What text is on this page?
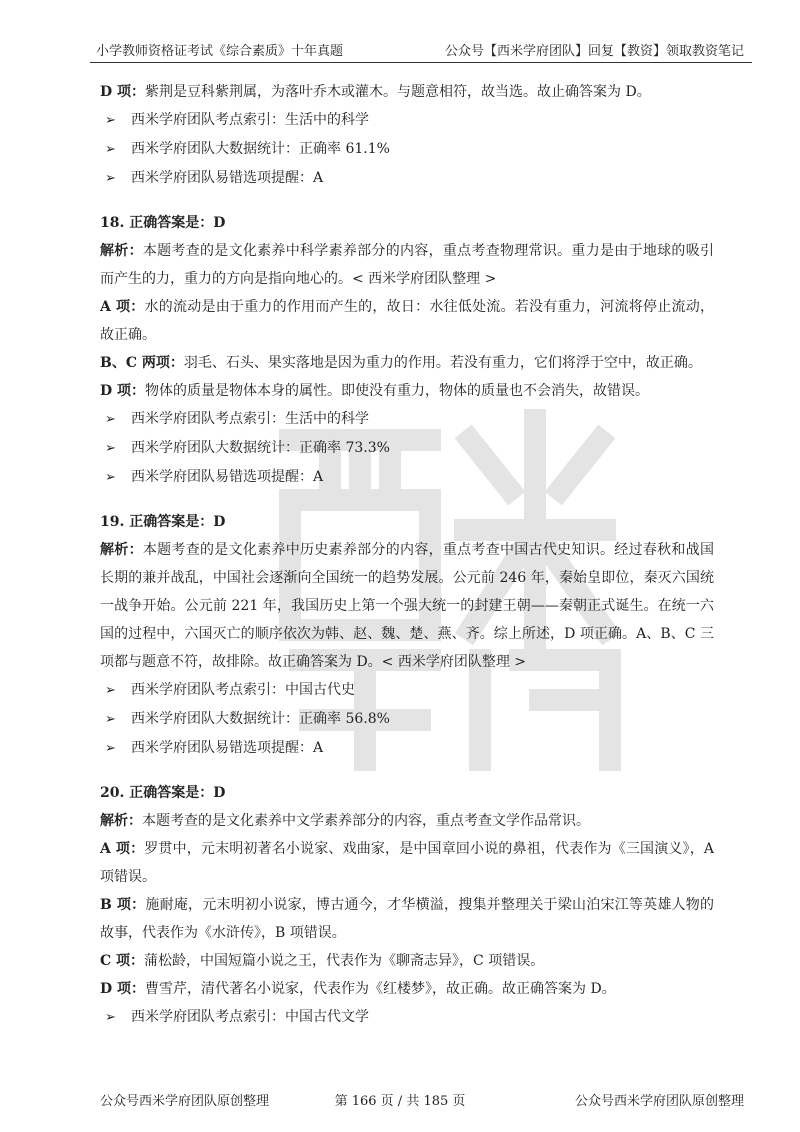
小学教师资格证考试《综合素质》十年真题	公众号【西米学府团队】回复【教资】领取教资笔记

D 项：紫荆是豆科紫荆属，为落叶乔木或灌木。与题意相符，故当选。故止确答案为 D。

➢ 西米学府团队考点索引：生活中的科学

➢ 西米学府团队大数据统计：正确率 61.1%

➢ 西米学府团队易错选项提醒：A

18. 正确答案是：D

解析：本题考查的是文化素养中科学素养部分的内容，重点考查物理常识。重力是由于地球的吸引而产生的力，重力的方向是指向地心的。< 西米学府团队整理 >

A 项：水的流动是由于重力的作用而产生的，故日：水往低处流。若没有重力，河流将停止流动，故正确。

B、C 两项：羽毛、石头、果实落地是因为重力的作用。若没有重力，它们将浮于空中，故正确。

D 项：物体的质量是物体本身的属性。即使没有重力，物体的质量也不会消失，故错误。

➢ 西米学府团队考点索引：生活中的科学

➢ 西米学府团队大数据统计：正确率 73.3%

➢ 西米学府团队易错选项提醒：A

19. 正确答案是：D

解析：本题考查的是文化素养中历史素养部分的内容，重点考查中国古代史知识。经过春秋和战国长期的兼并战乱，中国社会逐渐向全国统一的趋势发展。公元前 246 年，秦始皇即位，秦灭六国统一战争开始。公元前 221 年，我国历史上第一个强大统一的封建王朝——秦朝正式诞生。在统一六国的过程中，六国灭亡的顺序依次为韩、赵、魏、楚、燕、齐。综上所述，D 项正确。A、B、C 三项都与题意不符，故排除。故正确答案为 D。< 西米学府团队整理 >

➢ 西米学府团队考点索引：中国古代史

➢ 西米学府团队大数据统计：正确率 56.8%

➢ 西米学府团队易错选项提醒：A

20. 正确答案是：D

解析：本题考查的是文化素养中文学素养部分的内容，重点考查文学作品常识。

A 项：罗贯中，元末明初著名小说家、戏曲家，是中国章回小说的鼻祖，代表作为《三国演义》，A 项错误。

B 项：施耐庵，元末明初小说家，博古通今，才华横溢，搜集并整理关于梁山泊宋江等英雄人物的故事，代表作为《水浒传》，B 项错误。

C 项：蒲松龄，中国短篇小说之王，代表作为《聊斋志异》，C 项错误。

D 项：曹雪芹，清代著名小说家，代表作为《红楼梦》，故正确。故正确答案为 D。

➢ 西米学府团队考点索引：中国古代文学

公众号西米学府团队原创整理	第 166 页 / 共 185 页	公众号西米学府团队原创整理
